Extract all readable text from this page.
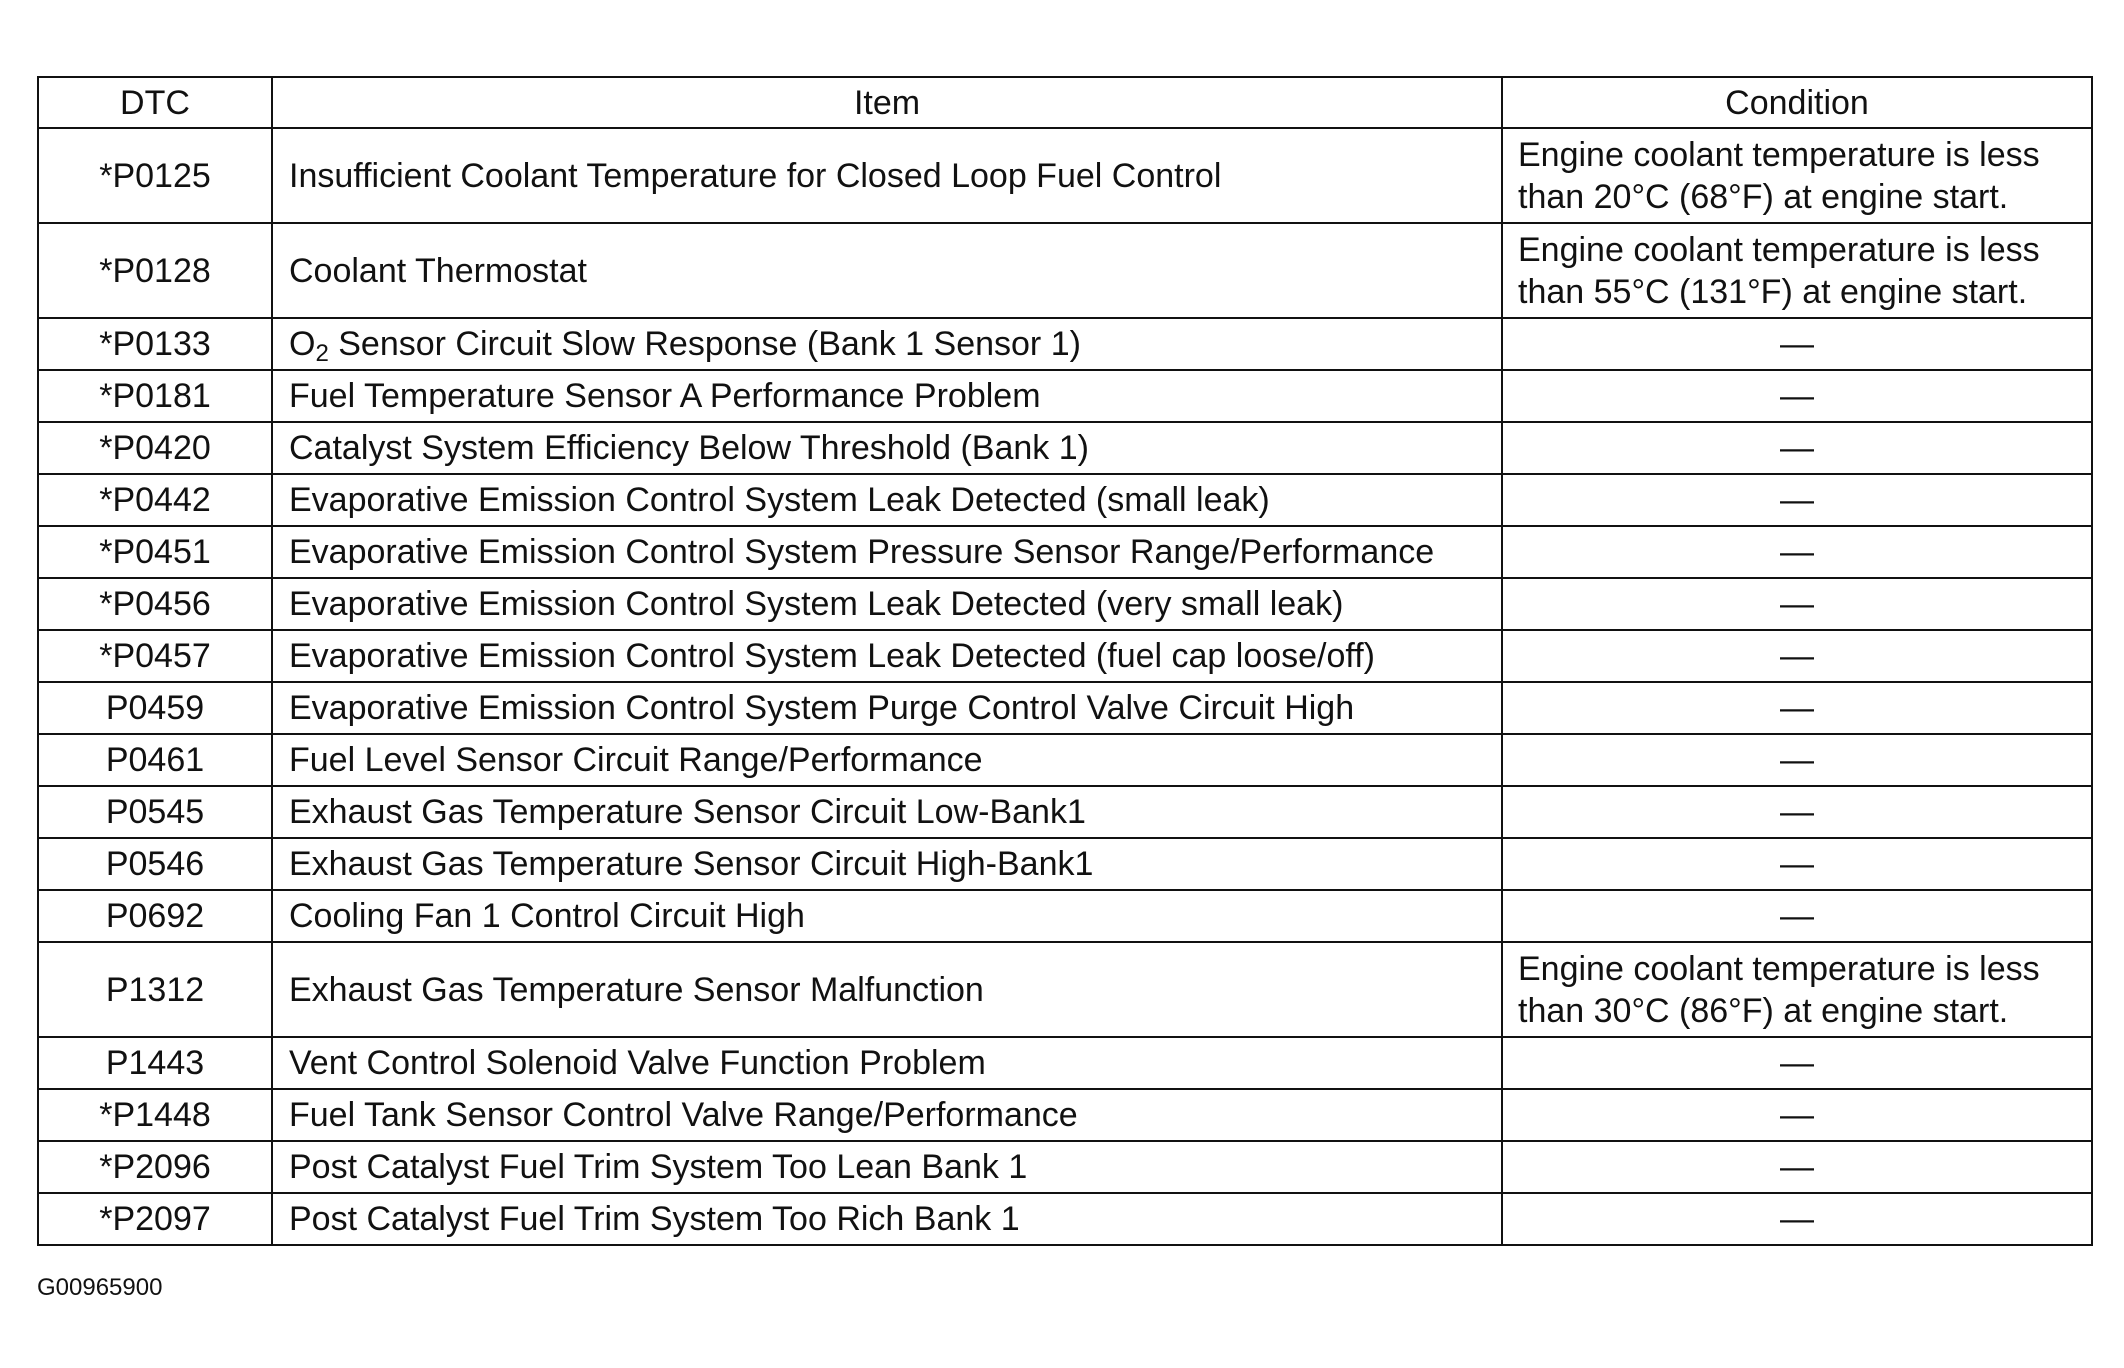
DTC	Item	Condition
*P0125	Insufficient Coolant Temperature for Closed Loop Fuel Control	Engine coolant temperature is less than 20°C (68°F) at engine start.
*P0128	Coolant Thermostat	Engine coolant temperature is less than 55°C (131°F) at engine start.
*P0133	$O_2$ Sensor Circuit Slow Response (Bank 1 Sensor 1)	—
*P0181	Fuel Temperature Sensor A Performance Problem	—
*P0420	Catalyst System Efficiency Below Threshold (Bank 1)	—
*P0442	Evaporative Emission Control System Leak Detected (small leak)	—
*P0451	Evaporative Emission Control System Pressure Sensor Range/Performance	—
*P0456	Evaporative Emission Control System Leak Detected (very small leak)	—
*P0457	Evaporative Emission Control System Leak Detected (fuel cap loose/off)	—
P0459	Evaporative Emission Control System Purge Control Valve Circuit High	—
P0461	Fuel Level Sensor Circuit Range/Performance	—
P0545	Exhaust Gas Temperature Sensor Circuit Low-Bank1	—
P0546	Exhaust Gas Temperature Sensor Circuit High-Bank1	—
P0692	Cooling Fan 1 Control Circuit High	—
P1312	Exhaust Gas Temperature Sensor Malfunction	Engine coolant temperature is less than 30°C (86°F) at engine start.
P1443	Vent Control Solenoid Valve Function Problem	—
*P1448	Fuel Tank Sensor Control Valve Range/Performance	—
*P2096	Post Catalyst Fuel Trim System Too Lean Bank 1	—
*P2097	Post Catalyst Fuel Trim System Too Rich Bank 1	—
G00965900
